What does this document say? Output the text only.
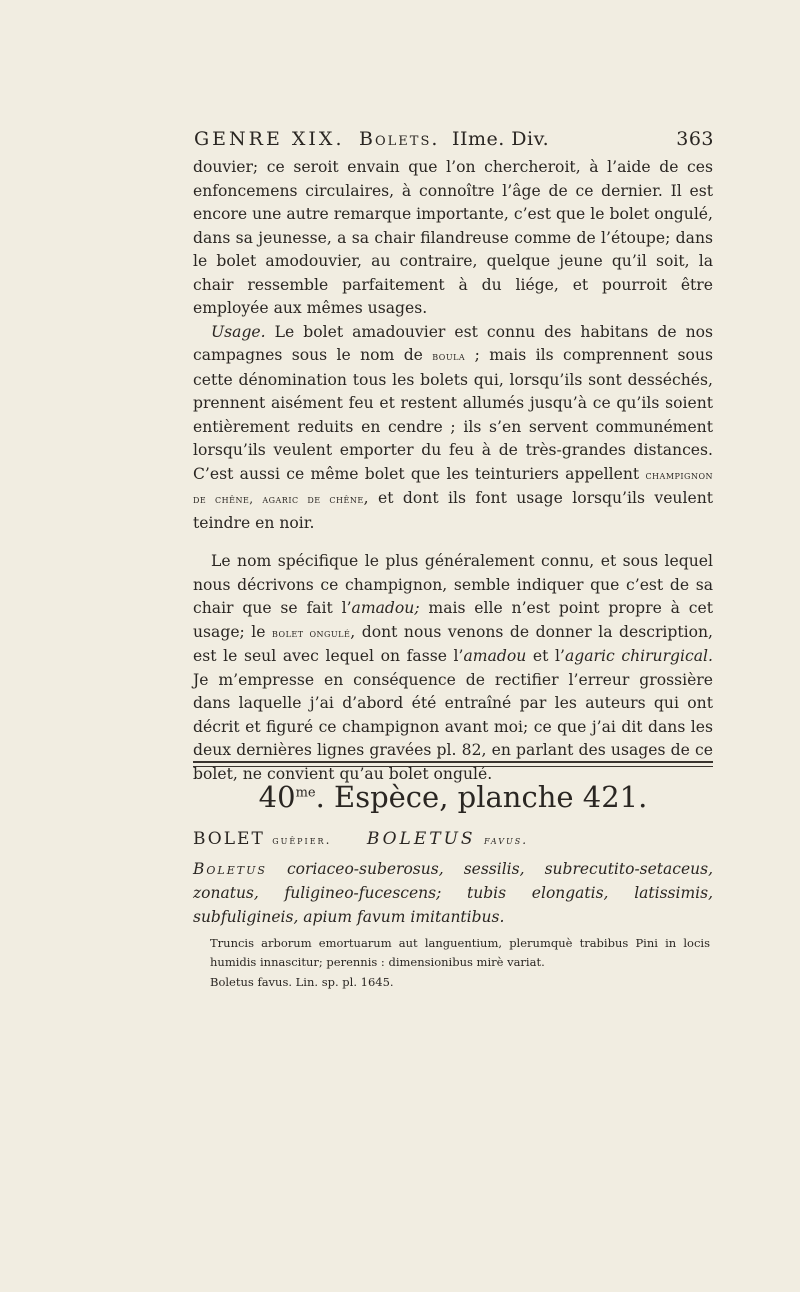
GENRE XIX. Bolets. IIme. Div.	363

douvier; ce seroit envain que l’on chercheroit, à l’aide de ces enfoncemens circulaires, à connoître l’âge de ce dernier. Il est encore une autre remarque importante, c’est que le bolet ongulé, dans sa jeunesse, a sa chair filandreuse comme de l’étoupe; dans le bolet amodouvier, au contraire, quelque jeune qu’il soit, la chair ressemble parfaitement à du liége, et pourroit être employée aux mêmes usages.

Usage. Le bolet amadouvier est connu des habitans de nos campagnes sous le nom de boula ; mais ils comprennent sous cette dénomination tous les bolets qui, lorsqu’ils sont desséchés, prennent aisément feu et restent allumés jusqu’à ce qu’ils soient entièrement reduits en cendre ; ils s’en servent communément lorsqu’ils veulent emporter du feu à de très-grandes distances. C’est aussi ce même bolet que les teinturiers appellent champignon de chêne, agaric de chêne, et dont ils font usage lorsqu’ils veulent teindre en noir.

Le nom spécifique le plus généralement connu, et sous lequel nous décrivons ce champignon, semble indiquer que c’est de sa chair que se fait l’amadou; mais elle n’est point propre à cet usage; le bolet ongulé, dont nous venons de donner la description, est le seul avec lequel on fasse l’amadou et l’agaric chirurgical. Je m’empresse en conséquence de rectifier l’erreur grossière dans laquelle j’ai d’abord été entraîné par les auteurs qui ont décrit et figuré ce champignon avant moi; ce que j’ai dit dans les deux dernières lignes gravées pl. 82, en parlant des usages de ce bolet, ne convient qu’au bolet ongulé.

$40^{me}$. Espèce, planche 421.
BOLET guêpier. BOLETUS favus.
Boletus coriaceo-suberosus, sessilis, subrecutito-setaceus, zonatus, fuligineo-fucescens; tubis elongatis, latissimis, subfuligineis, apium favum imitantibus.
Truncis arborum emortuarum aut languentium, plerumquè trabibus Pini in locis humidis innascitur; perennis : dimensionibus mirè variat.
Boletus favus. Lin. sp. pl. 1645.
